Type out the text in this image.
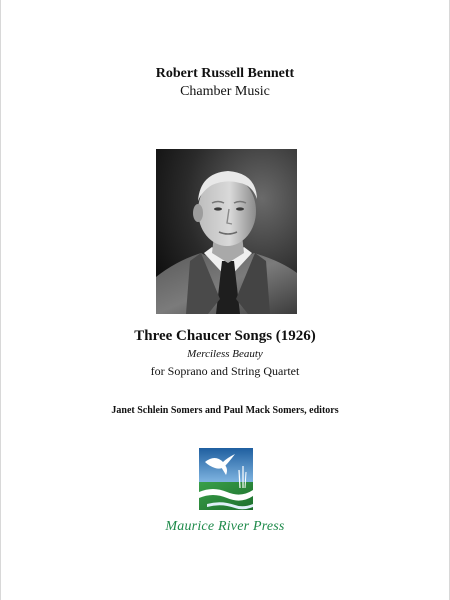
Robert Russell Bennett
Chamber Music
Three Chaucer Songs (1926)
Merciless Beauty
for Soprano and String Quartet
Janet Schlein Somers and Paul Mack Somers, editors
Maurice River Press
